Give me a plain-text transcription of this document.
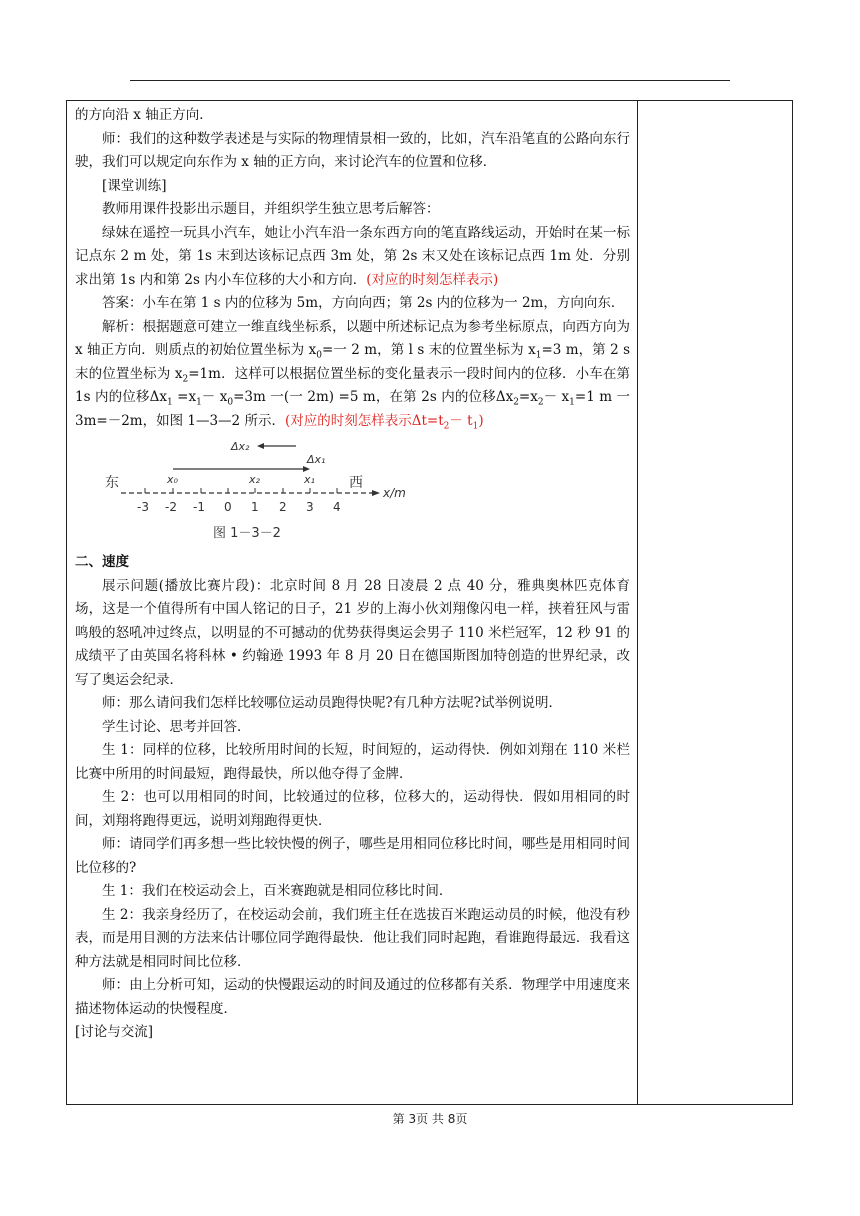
的方向沿 x 轴正方向．

师：我们的这种数学表述是与实际的物理情景相一致的，比如，汽车沿笔直的公路向东行驶，我们可以规定向东作为 x 轴的正方向，来讨论汽车的位置和位移．

[课堂训练]

教师用课件投影出示题目，并组织学生独立思考后解答：

绿妹在遥控一玩具小汽车，她让小汽车沿一条东西方向的笔直路线运动，开始时在某一标记点东 2 m 处，第 1s 末到达该标记点西 3m 处，第 2s 末又处在该标记点西 1m 处．分别求出第 1s 内和第 2s 内小车位移的大小和方向．(对应的时刻怎样表示)

答案：小车在第 1 s 内的位移为 5m，方向向西；第 2s 内的位移为一 2m，方向向东．

解析：根据题意可建立一维直线坐标系，以题中所述标记点为参考坐标原点，向西方向为 x 轴正方向．则质点的初始位置坐标为 $x_0=$一 2 m，第 l s 末的位置坐标为 $x_1=3$ m，第 2 s 末的位置坐标为 $x_2=1m$．这样可以根据位置坐标的变化量表示一段时间内的位移．小车在第 1s 内的位移$\Delta x_1 =x_1- x_0=3m$ 一(一 2m) =5 m，在第 2s 内的位移$\Delta x_2=x_2- x_1=1$ m 一 3m=－2m，如图 1—3—2 所示．(对应的时刻怎样表示$\Delta t=t_2- t_1$)

Δx₂
Δx₁
东	西
x₀	x₂	x₁
x/m
-3 -2 -1 0 1 2 3 4
图 1－3－2

二、速度

展示问题(播放比赛片段)：北京时间 8 月 28 日凌晨 2 点 40 分，雅典奥林匹克体育场，这是一个值得所有中国人铭记的日子，21 岁的上海小伙刘翔像闪电一样，挟着狂风与雷鸣般的怒吼冲过终点，以明显的不可撼动的优势获得奥运会男子 110 米栏冠军，12 秒 91 的成绩平了由英国名将科林 • 约翰逊 1993 年 8 月 20 日在德国斯图加特创造的世界纪录，改写了奥运会纪录．

师：那么请问我们怎样比较哪位运动员跑得快呢?有几种方法呢?试举例说明．

学生讨论、思考并回答．

生 1：同样的位移，比较所用时间的长短，时间短的，运动得快．例如刘翔在 110 米栏比赛中所用的时间最短，跑得最快，所以他夺得了金牌．

生 2：也可以用相同的时间，比较通过的位移，位移大的，运动得快．假如用相同的时间，刘翔将跑得更远，说明刘翔跑得更快．

师：请同学们再多想一些比较快慢的例子，哪些是用相同位移比时间，哪些是用相同时间比位移的?

生 1：我们在校运动会上，百米赛跑就是相同位移比时间．

生 2：我亲身经历了，在校运动会前，我们班主任在选拔百米跑运动员的时候，他没有秒表，而是用目测的方法来估计哪位同学跑得最快．他让我们同时起跑，看谁跑得最远．我看这种方法就是相同时间比位移．

师：由上分析可知，运动的快慢跟运动的时间及通过的位移都有关系．物理学中用速度来描述物体运动的快慢程度．

[讨论与交流]

第 3页 共 8页
